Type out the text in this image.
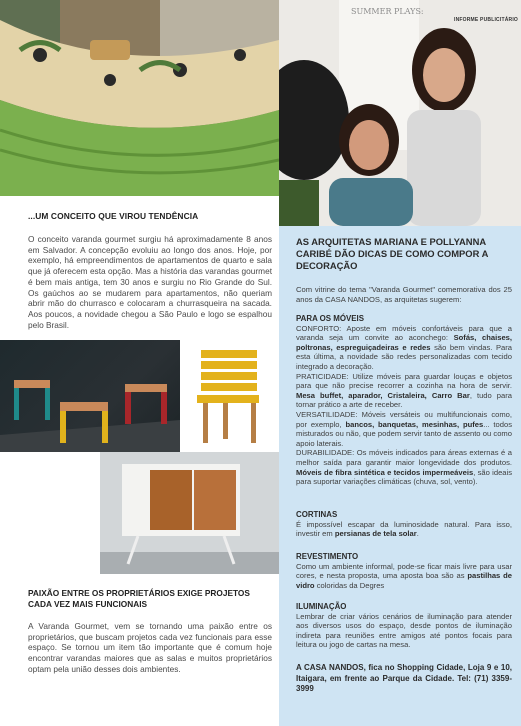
...UM CONCEITO QUE VIROU TENDÊNCIA
O conceito varanda gourmet surgiu há aproximadamente 8 anos em Salvador. A concepção evoluiu ao longo dos anos. Hoje, por exemplo, há empreendimentos de apartamentos de quarto e sala que já oferecem esta opção. Mas a história das varandas gourmet é bem mais antiga, tem 30 anos e surgiu no Rio Grande do Sul. Os gaúchos ao se mudarem para apartamentos, não queriam abrir mão do churrasco e colocaram a churrasqueira na sacada. Aos poucos, a novidade chegou a São Paulo e logo se espalhou pelo Brasil.
PAIXÃO ENTRE OS PROPRIETÁRIOS EXIGE PROJETOS CADA VEZ MAIS FUNCIONAIS
A Varanda Gourmet, vem se tornando uma paixão entre os proprietários, que buscam projetos cada vez funcionais para esse espaço. Se tornou um item tão importante que é comum hoje encontrar varandas maiores que as salas e muitos proprietários optam pela união desses dois ambientes.
SUMMER PLAYS:
INFORME PUBLICITÁRIO
AS ARQUITETAS MARIANA E POLLYANNA CARIBÉ DÃO DICAS DE COMO COMPOR A DECORAÇÃO
Com vitrine do tema "Varanda Gourmet" comemorativa dos 25 anos da CASA NANDOS, as arquitetas sugerem:
PARA OS MÓVEIS
CONFORTO: Aposte em móveis confortáveis para que a varanda seja um convite ao aconchego: Sofás, chaises, poltronas, espreguiçadeiras e redes são bem vindas. Para esta última, a novidade são redes personalizadas com tecido integrado a decoração.
PRATICIDADE: Utilize móveis para guardar louças e objetos para que não precise recorrer a cozinha na hora de servir. Mesa buffet, aparador, Cristaleira, Carro Bar, tudo para tornar prático a arte de receber.
VERSATILIDADE: Móveis versáteis ou multifuncionais como, por exemplo, bancos, banquetas, mesinhas, pufes... todos misturados ou não, que podem servir tanto de assento ou como apoio laterais.
DURABILIDADE: Os móveis indicados para áreas externas é a melhor saída para garantir maior longevidade dos produtos. Móveis de fibra sintética e tecidos impermeáveis, são ideais para suportar variações climáticas (chuva, sol, vento).
CORTINAS
É impossível escapar da luminosidade natural. Para isso, investir em persianas de tela solar.
REVESTIMENTO
Como um ambiente informal, pode-se ficar mais livre para usar cores, e nesta proposta, uma aposta boa são as pastilhas de vidro coloridas da Degres
ILUMINAÇÃO
Lembrar de criar vários cenários de iluminação para atender aos diversos usos do espaço, desde pontos de iluminação indireta para reuniões entre amigos até pontos focais para leitura ou jogo de cartas na mesa.
A CASA NANDOS, fica no Shopping Cidade, Loja 9 e 10, Itaigara, em frente ao Parque da Cidade. Tel: (71) 3359-3999
